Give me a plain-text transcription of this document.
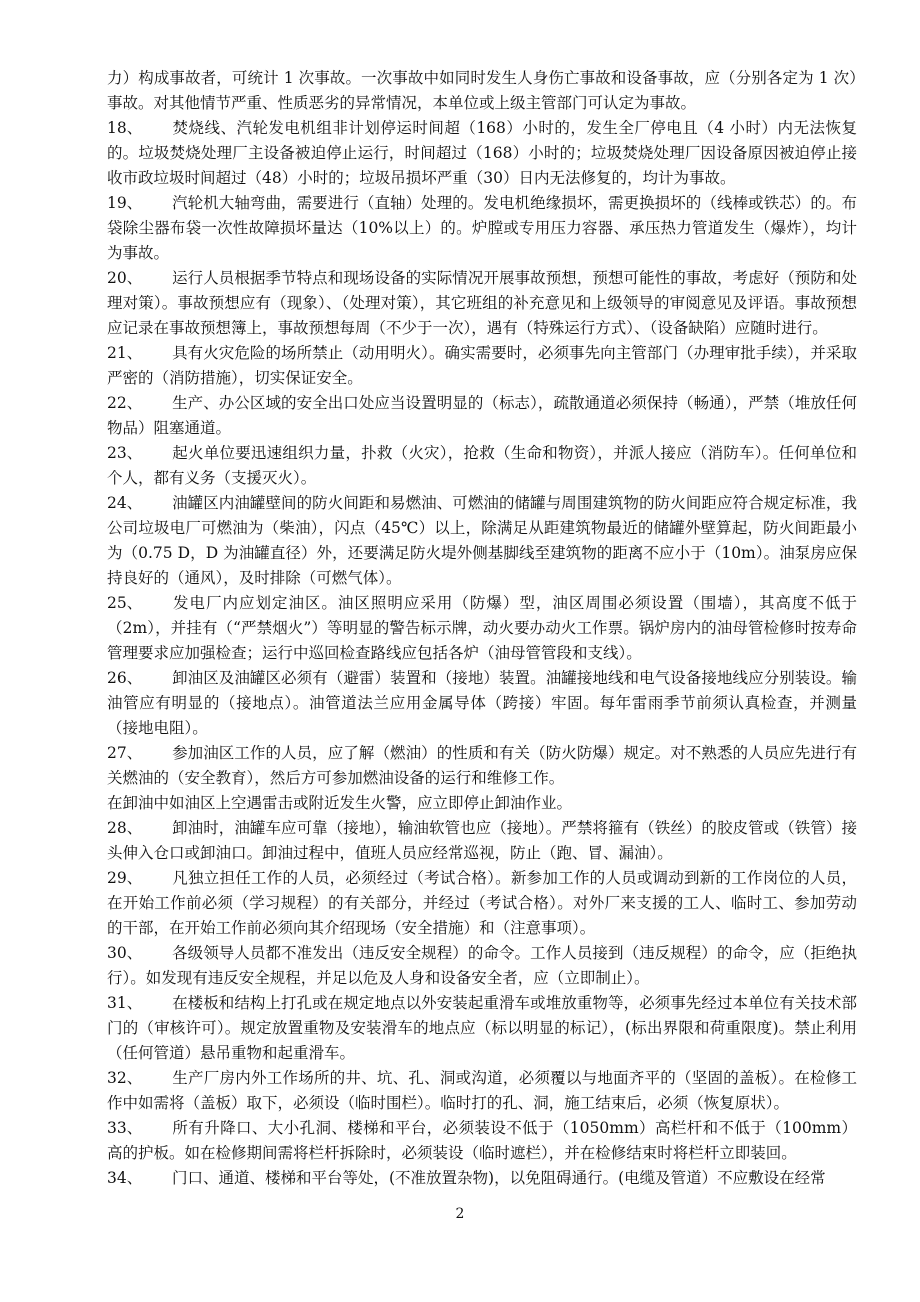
力）构成事故者，可统计 1 次事故。一次事故中如同时发生人身伤亡事故和设备事故，应（分别各定为 1 次）事故。对其他情节严重、性质恶劣的异常情况，本单位或上级主管部门可认定为事故。

18、 焚烧线、汽轮发电机组非计划停运时间超（168）小时的，发生全厂停电且（4 小时）内无法恢复的。垃圾焚烧处理厂主设备被迫停止运行，时间超过（168）小时的；垃圾焚烧处理厂因设备原因被迫停止接收市政垃圾时间超过（48）小时的；垃圾吊损坏严重（30）日内无法修复的，均计为事故。

19、 汽轮机大轴弯曲，需要进行（直轴）处理的。发电机绝缘损坏，需更换损坏的（线棒或铁芯）的。布袋除尘器布袋一次性故障损坏量达（10%以上）的。炉膛或专用压力容器、承压热力管道发生（爆炸），均计为事故。

20、 运行人员根据季节特点和现场设备的实际情况开展事故预想，预想可能性的事故，考虑好（预防和处理对策）。事故预想应有（现象）、（处理对策），其它班组的补充意见和上级领导的审阅意见及评语。事故预想应记录在事故预想簿上，事故预想每周（不少于一次），遇有（特殊运行方式）、（设备缺陷）应随时进行。

21、 具有火灾危险的场所禁止（动用明火）。确实需要时，必须事先向主管部门（办理审批手续），并采取严密的（消防措施），切实保证安全。

22、 生产、办公区域的安全出口处应当设置明显的（标志），疏散通道必须保持（畅通），严禁（堆放任何物品）阻塞通道。

23、 起火单位要迅速组织力量，扑救（火灾），抢救（生命和物资），并派人接应（消防车）。任何单位和个人，都有义务（支援灭火）。

24、 油罐区内油罐壁间的防火间距和易燃油、可燃油的储罐与周围建筑物的防火间距应符合规定标准，我公司垃圾电厂可燃油为（柴油），闪点（45℃）以上，除满足从距建筑物最近的储罐外壁算起，防火间距最小为（0.75 D，D 为油罐直径）外，还要满足防火堤外侧基脚线至建筑物的距离不应小于（10m）。油泵房应保持良好的（通风），及时排除（可燃气体）。

25、 发电厂内应划定油区。油区照明应采用（防爆）型，油区周围必须设置（围墙），其高度不低于（2m），并挂有（“严禁烟火”）等明显的警告标示牌，动火要办动火工作票。锅炉房内的油母管检修时按寿命管理要求应加强检查；运行中巡回检查路线应包括各炉（油母管管段和支线）。

26、 卸油区及油罐区必须有（避雷）装置和（接地）装置。油罐接地线和电气设备接地线应分别装设。输油管应有明显的（接地点）。油管道法兰应用金属导体（跨接）牢固。每年雷雨季节前须认真检查，并测量（接地电阻）。

27、 参加油区工作的人员，应了解（燃油）的性质和有关（防火防爆）规定。对不熟悉的人员应先进行有关燃油的（安全教育），然后方可参加燃油设备的运行和维修工作。

在卸油中如油区上空遇雷击或附近发生火警，应立即停止卸油作业。

28、 卸油时，油罐车应可靠（接地），输油软管也应（接地）。严禁将箍有（铁丝）的胶皮管或（铁管）接头伸入仓口或卸油口。卸油过程中，值班人员应经常巡视，防止（跑、冒、漏油）。

29、 凡独立担任工作的人员，必须经过（考试合格）。新参加工作的人员或调动到新的工作岗位的人员，在开始工作前必须（学习规程）的有关部分，并经过（考试合格）。对外厂来支援的工人、临时工、参加劳动的干部，在开始工作前必须向其介绍现场（安全措施）和（注意事项）。

30、 各级领导人员都不准发出（违反安全规程）的命令。工作人员接到（违反规程）的命令，应（拒绝执行）。如发现有违反安全规程，并足以危及人身和设备安全者，应（立即制止）。

31、 在楼板和结构上打孔或在规定地点以外安装起重滑车或堆放重物等，必须事先经过本单位有关技术部门的（审核许可）。规定放置重物及安装滑车的地点应（标以明显的标记），(标出界限和荷重限度)。禁止利用（任何管道）悬吊重物和起重滑车。

32、 生产厂房内外工作场所的井、坑、孔、洞或沟道，必须覆以与地面齐平的（坚固的盖板）。在检修工作中如需将（盖板）取下，必须设（临时围栏）。临时打的孔、洞，施工结束后，必须（恢复原状）。

33、 所有升降口、大小孔洞、楼梯和平台，必须装设不低于（1050mm）高栏杆和不低于（100mm）高的护板。如在检修期间需将栏杆拆除时，必须装设（临时遮栏），并在检修结束时将栏杆立即装回。

34、 门口、通道、楼梯和平台等处，(不准放置杂物)，以免阻碍通行。(电缆及管道）不应敷设在经常

2
